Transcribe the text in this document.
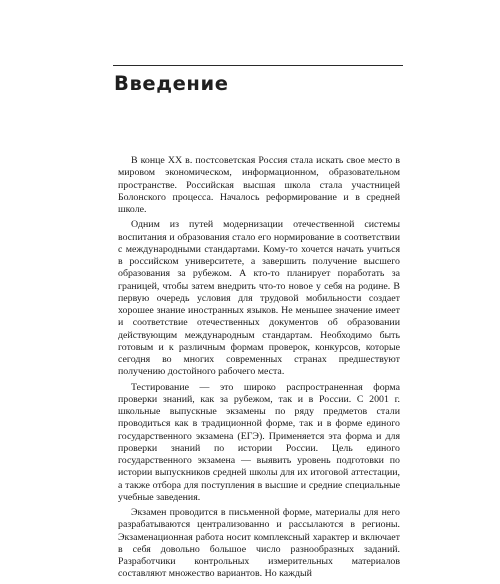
Введение

В конце XX в. постсоветская Россия стала искать свое место в мировом экономическом, информационном, образовательном пространстве. Российская высшая школа стала участницей Болонского процесса. Началось реформирование и в средней школе.

Одним из путей модернизации отечественной системы воспитания и образования стало его нормирование в соответствии с международными стандартами. Кому-то хочется начать учиться в российском университете, а завершить получение высшего образования за рубежом. А кто-то планирует поработать за границей, чтобы затем внедрить что-то новое у себя на родине. В первую очередь условия для трудовой мобильности создает хорошее знание иностранных языков. Не меньшее значение имеет и соответствие отечественных документов об образовании действующим международным стандартам. Необходимо быть готовым и к различным формам проверок, конкурсов, которые сегодня во многих современных странах предшествуют получению достойного рабочего места.

Тестирование — это широко распространенная форма проверки знаний, как за рубежом, так и в России. С 2001 г. школьные выпускные экзамены по ряду предметов стали проводиться как в традиционной форме, так и в форме единого государственного экзамена (ЕГЭ). Применяется эта форма и для проверки знаний по истории России. Цель единого государственного экзамена — выявить уровень подготовки по истории выпускников средней школы для их итоговой аттестации, а также отбора для поступления в высшие и средние специальные учебные заведения.

Экзамен проводится в письменной форме, материалы для него разрабатываются централизованно и рассылаются в регионы. Экзаменационная работа носит комплексный характер и включает в себя довольно большое число разнообразных заданий. Разработчики контрольных измерительных материалов составляют множество вариантов. Но каждый
